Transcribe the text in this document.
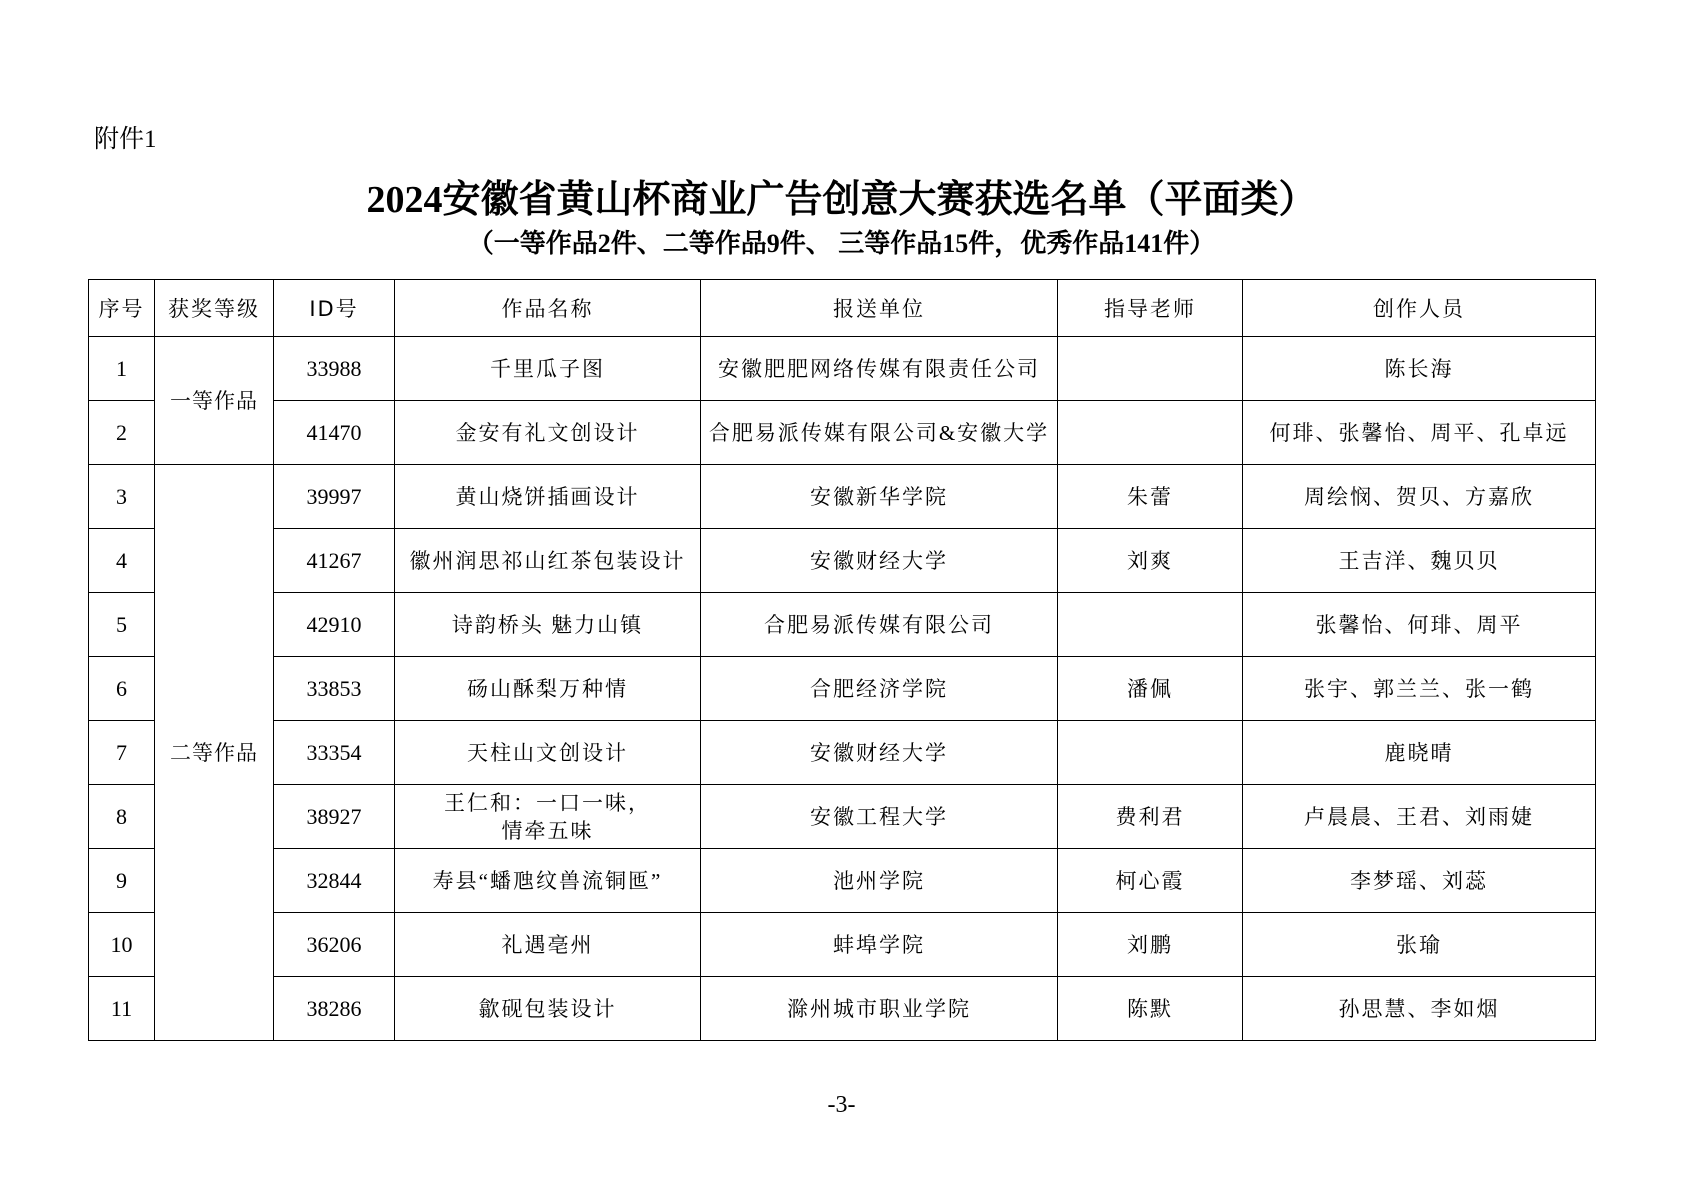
附件1
2024安徽省黄山杯商业广告创意大赛获选名单（平面类）
（一等作品2件、二等作品9件、 三等作品15件，优秀作品141件）
序号	获奖等级	ID号	作品名称	报送单位	指导老师	创作人员
1	一等作品	33988	千里瓜子图	安徽肥肥网络传媒有限责任公司		陈长海
2		41470	金安有礼文创设计	合肥易派传媒有限公司&安徽大学		何琲、张馨怡、周平、孔卓远
3	二等作品	39997	黄山烧饼插画设计	安徽新华学院	朱蕾	周绘悯、贺贝、方嘉欣
4		41267	徽州润思祁山红茶包装设计	安徽财经大学	刘爽	王吉洋、魏贝贝
5		42910	诗韵桥头 魅力山镇	合肥易派传媒有限公司		张馨怡、何琲、周平
6		33853	砀山酥梨万种情	合肥经济学院	潘佩	张宇、郭兰兰、张一鹤
7		33354	天柱山文创设计	安徽财经大学		鹿晓晴
8		38927	王仁和：一口一味，
情牵五味	安徽工程大学	费利君	卢晨晨、王君、刘雨婕
9		32844	寿县“蟠虺纹兽流铜匜”	池州学院	柯心霞	李梦瑶、刘蕊
10		36206	礼遇亳州	蚌埠学院	刘鹏	张瑜
11		38286	歙砚包装设计	滁州城市职业学院	陈默	孙思慧、李如烟
-3-
